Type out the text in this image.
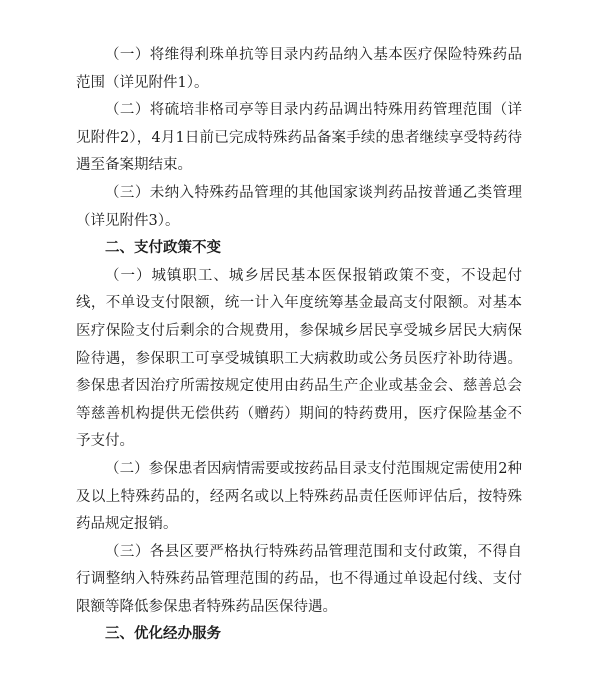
（一）将维得利珠单抗等目录内药品纳入基本医疗保险特殊药品范围（详见附件1）。

（二）将硫培非格司亭等目录内药品调出特殊用药管理范围（详见附件2），4月1日前已完成特殊药品备案手续的患者继续享受特药待遇至备案期结束。

（三）未纳入特殊药品管理的其他国家谈判药品按普通乙类管理（详见附件3）。

二、支付政策不变

（一）城镇职工、城乡居民基本医保报销政策不变，不设起付线，不单设支付限额，统一计入年度统筹基金最高支付限额。对基本医疗保险支付后剩余的合规费用，参保城乡居民享受城乡居民大病保险待遇，参保职工可享受城镇职工大病救助或公务员医疗补助待遇。参保患者因治疗所需按规定使用由药品生产企业或基金会、慈善总会等慈善机构提供无偿供药（赠药）期间的特药费用，医疗保险基金不予支付。

（二）参保患者因病情需要或按药品目录支付范围规定需使用2种及以上特殊药品的，经两名或以上特殊药品责任医师评估后，按特殊药品规定报销。

（三）各县区要严格执行特殊药品管理范围和支付政策，不得自行调整纳入特殊药品管理范围的药品，也不得通过单设起付线、支付限额等降低参保患者特殊药品医保待遇。

三、优化经办服务
